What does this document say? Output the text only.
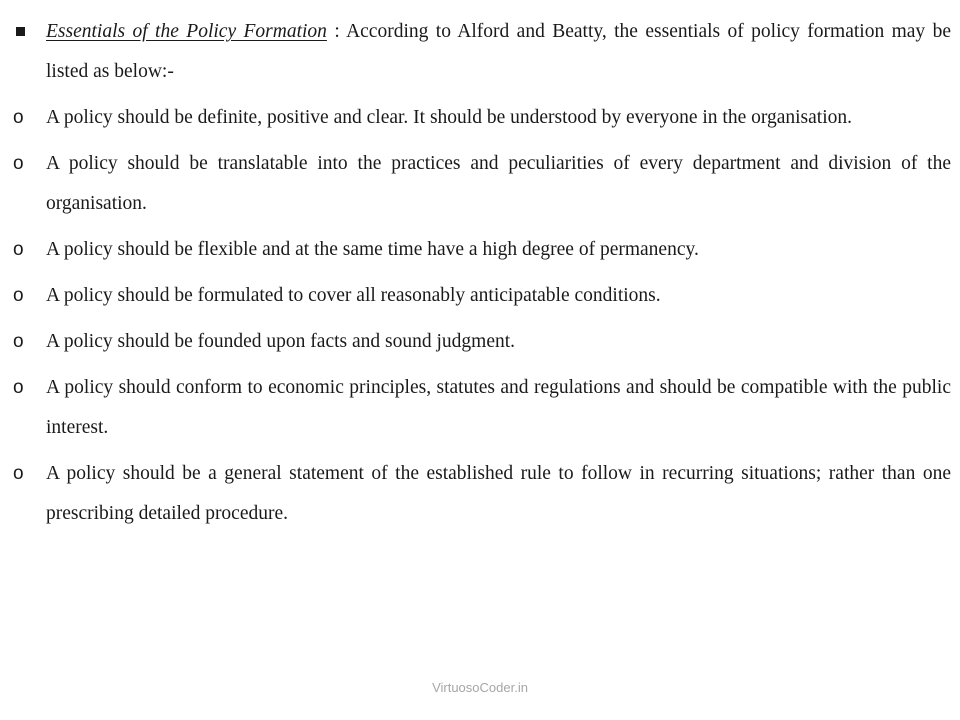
Essentials of the Policy Formation : According to Alford and Beatty, the essentials of policy formation may be listed as below:-
o	A policy should be definite, positive and clear. It should be understood by everyone in the organisation.
o	A policy should be translatable into the practices and peculiarities of every department and division of the organisation.
o	A policy should be flexible and at the same time have a high degree of permanency.
o	A policy should be formulated to cover all reasonably anticipatable conditions.
o	A policy should be founded upon facts and sound judgment.
o	A policy should conform to economic principles, statutes and regulations and should be compatible with the public interest.
o	A policy should be a general statement of the established rule to follow in recurring situations; rather than one prescribing detailed procedure.
VirtuosoCoder.in
